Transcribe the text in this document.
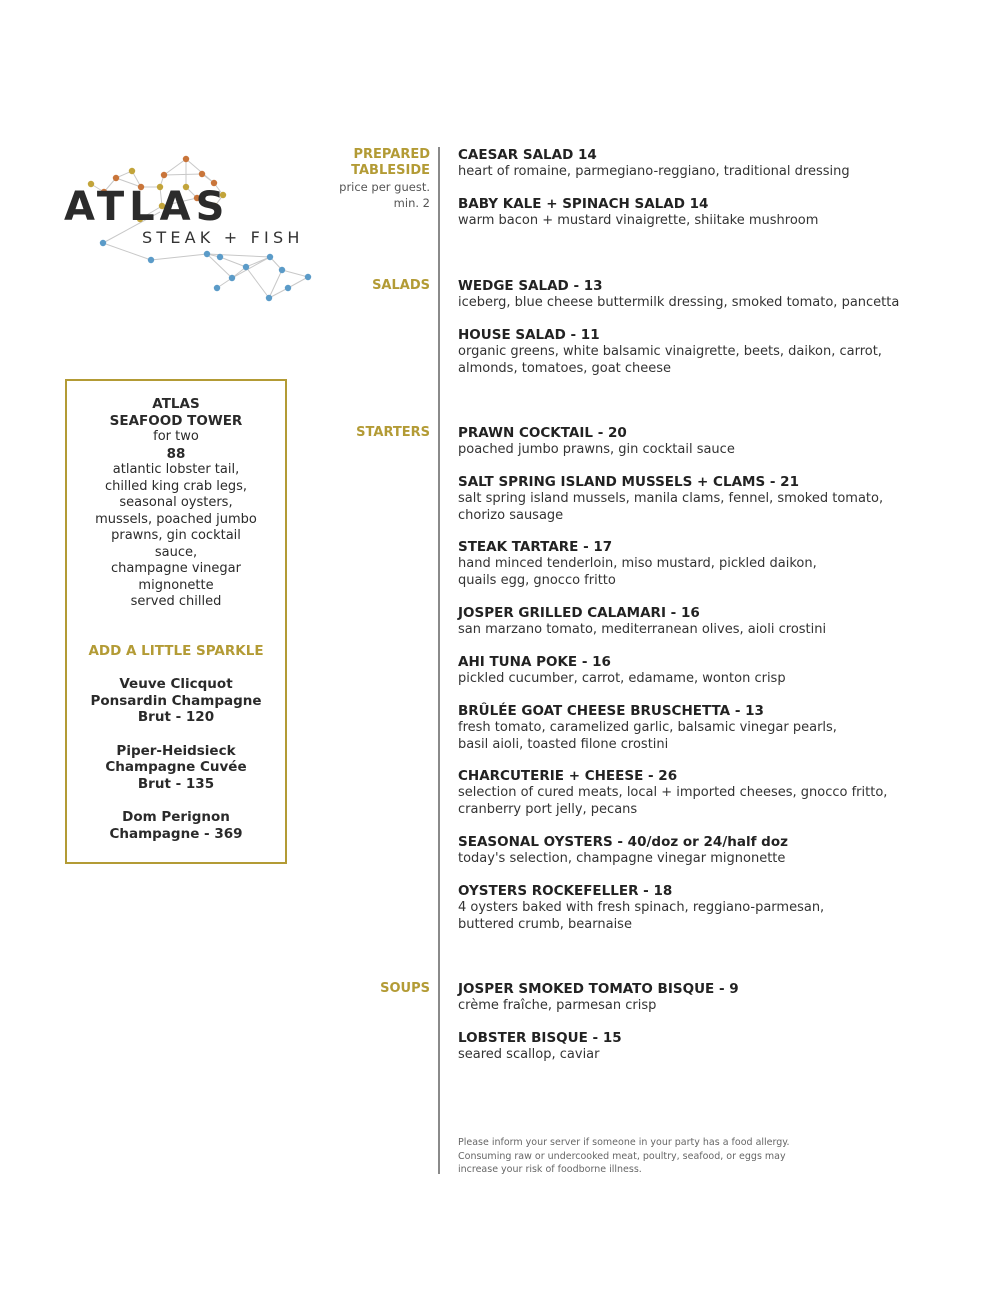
ATLAS
STEAK + FISH
PREPARED
TABLESIDE
price per guest.
min. 2
CAESAR SALAD 14
heart of romaine, parmegiano-reggiano, traditional dressing
BABY KALE + SPINACH SALAD 14
warm bacon + mustard vinaigrette, shiitake mushroom
SALADS WEDGE SALAD - 13
iceberg, blue cheese buttermilk dressing, smoked tomato, pancetta
HOUSE SALAD - 11
organic greens, white balsamic vinaigrette, beets, daikon, carrot,
almonds, tomatoes, goat cheese
STARTERS PRAWN COCKTAIL - 20
poached jumbo prawns, gin cocktail sauce
SALT SPRING ISLAND MUSSELS + CLAMS - 21
salt spring island mussels, manila clams, fennel, smoked tomato,
chorizo sausage
STEAK TARTARE - 17
hand minced tenderloin, miso mustard, pickled daikon,
quails egg, gnocco fritto
JOSPER GRILLED CALAMARI - 16
san marzano tomato, mediterranean olives, aioli crostini
AHI TUNA POKE - 16
pickled cucumber, carrot, edamame, wonton crisp
BRÛLÉE GOAT CHEESE BRUSCHETTA - 13
fresh tomato, caramelized garlic, balsamic vinegar pearls,
basil aioli, toasted filone crostini
CHARCUTERIE + CHEESE - 26
selection of cured meats, local + imported cheeses, gnocco fritto,
cranberry port jelly, pecans
SEASONAL OYSTERS - 40/doz or 24/half doz
today's selection, champagne vinegar mignonette
OYSTERS ROCKEFELLER - 18
4 oysters baked with fresh spinach, reggiano-parmesan,
buttered crumb, bearnaise
SOUPS JOSPER SMOKED TOMATO BISQUE - 9
crème fraîche, parmesan crisp
LOBSTER BISQUE - 15
seared scallop, caviar
ATLAS
SEAFOOD TOWER
for two
88
atlantic lobster tail,
chilled king crab legs,
seasonal oysters,
mussels, poached jumbo
prawns, gin cocktail
sauce,
champagne vinegar
mignonette
served chilled
ADD A LITTLE SPARKLE
Veuve Clicquot
Ponsardin Champagne
Brut - 120
Piper-Heidsieck
Champagne Cuvée
Brut - 135
Dom Perignon
Champagne - 369
Please inform your server if someone in your party has a food allergy.
Consuming raw or undercooked meat, poultry, seafood, or eggs may
increase your risk of foodborne illness.
